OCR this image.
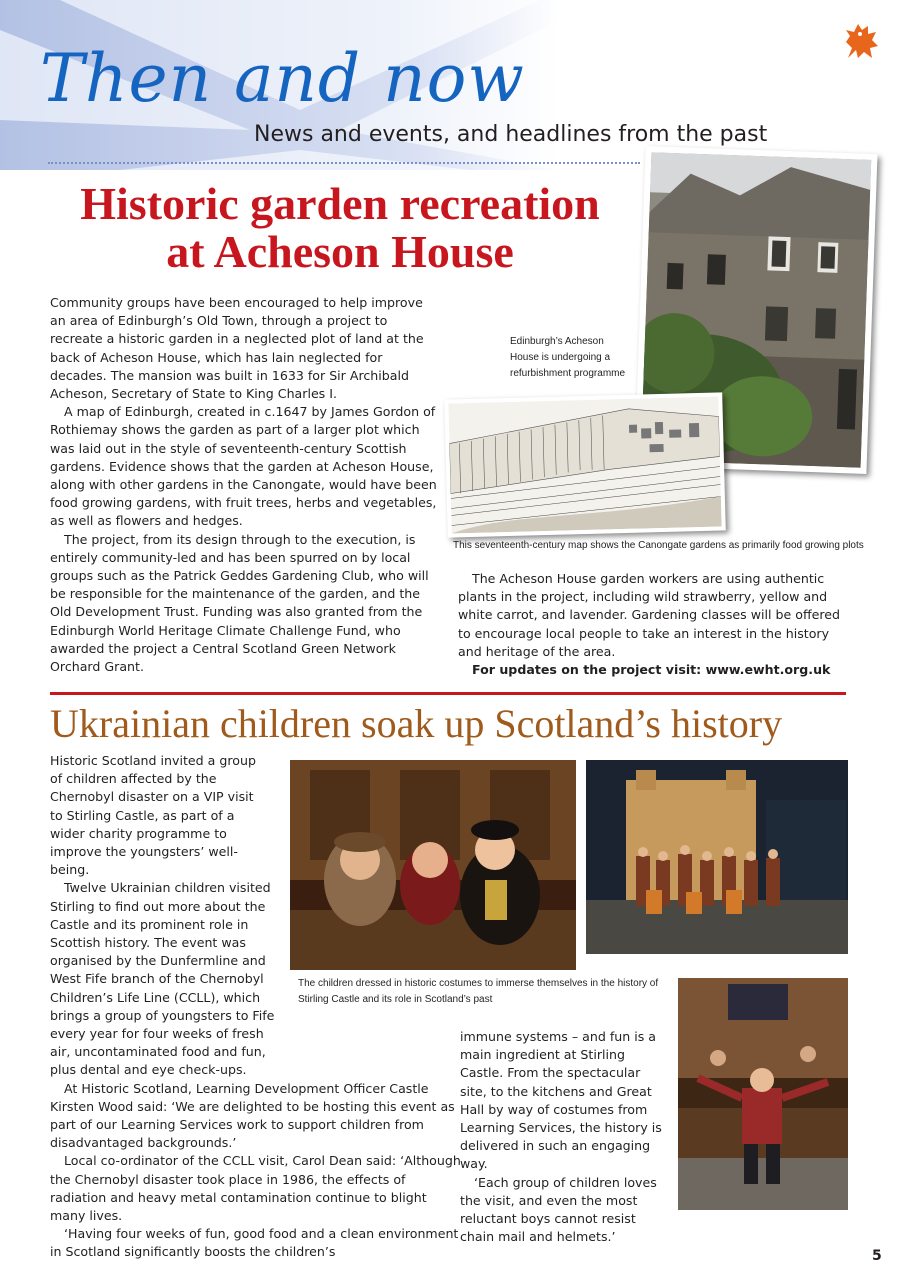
Then and now
News and events, and headlines from the past
Historic garden recreation
at Acheson House

Community groups have been encouraged to help improve an area of Edinburgh’s Old Town, through a project to recreate a historic garden in a neglected plot of land at the back of Acheson House, which has lain neglected for decades. The mansion was built in 1633 for Sir Archibald Acheson, Secretary of State to King Charles I.

A map of Edinburgh, created in c.1647 by James Gordon of Rothiemay shows the garden as part of a larger plot which was laid out in the style of seventeenth-century Scottish gardens. Evidence shows that the garden at Acheson House, along with other gardens in the Canongate, would have been food growing gardens, with fruit trees, herbs and vegetables, as well as flowers and hedges.

The project, from its design through to the execution, is entirely community-led and has been spurred on by local groups such as the Patrick Geddes Gardening Club, who will be responsible for the maintenance of the garden, and the Old Development Trust. Funding was also granted from the Edinburgh World Heritage Climate Challenge Fund, who awarded the project a Central Scotland Green Network Orchard Grant.

Edinburgh’s Acheson House is undergoing a refurbishment programme
This seventeenth-century map shows the Canongate gardens as primarily food growing plots

The Acheson House garden workers are using authentic plants in the project, including wild strawberry, yellow and white carrot, and lavender. Gardening classes will be offered to encourage local people to take an interest in the history and heritage of the area.

For updates on the project visit: www.ewht.org.uk

Ukrainian children soak up Scotland’s history
The children dressed in historic costumes to immerse themselves in the history of Stirling Castle and its role in Scotland’s past

Historic Scotland invited a group of children affected by the Chernobyl disaster on a VIP visit to Stirling Castle, as part of a wider charity programme to improve the youngsters’ well-being.

Twelve Ukrainian children visited Stirling to find out more about the Castle and its prominent role in Scottish history. The event was organised by the Dunfermline and West Fife branch of the Chernobyl Children’s Life Line (CCLL), which brings a group of youngsters to Fife every year for four weeks of fresh air, uncontaminated food and fun, plus dental and eye check-ups.

At Historic Scotland, Learning Development Officer Castle Kirsten Wood said: ‘We are delighted to be hosting this event as part of our Learning Services work to support children from disadvantaged backgrounds.’

Local co-ordinator of the CCLL visit, Carol Dean said: ‘Although the Chernobyl disaster took place in 1986, the effects of radiation and heavy metal contamination continue to blight many lives.

‘Having four weeks of fun, good food and a clean environment in Scotland significantly boosts the children’s

immune systems – and fun is a main ingredient at Stirling Castle. From the spectacular site, to the kitchens and Great Hall by way of costumes from Learning Services, the history is delivered in such an engaging way.

‘Each group of children loves the visit, and even the most reluctant boys cannot resist chain mail and helmets.’

5
